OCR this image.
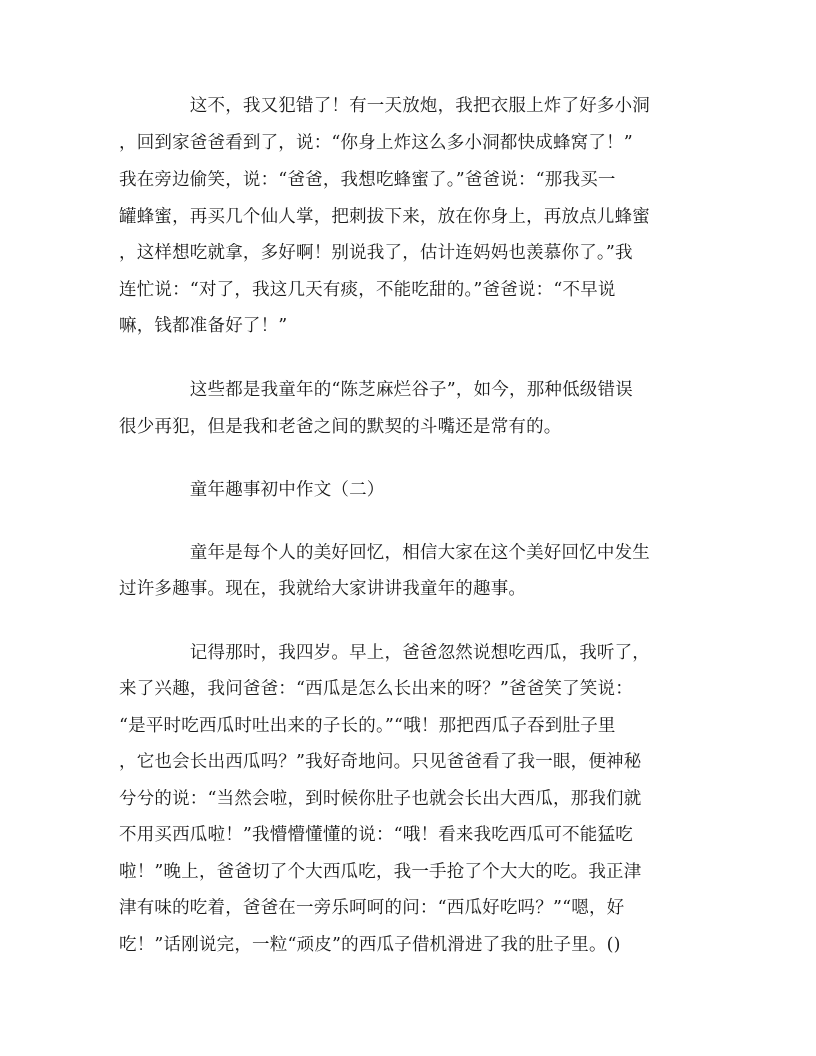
　　　　这不，我又犯错了！有一天放炮，我把衣服上炸了好多小洞
，回到家爸爸看到了，说：“你身上炸这么多小洞都快成蜂窝了！”
我在旁边偷笑，说：“爸爸，我想吃蜂蜜了。”爸爸说：“那我买一
罐蜂蜜，再买几个仙人掌，把刺拔下来，放在你身上，再放点儿蜂蜜
，这样想吃就拿，多好啊！别说我了，估计连妈妈也羡慕你了。”我
连忙说：“对了，我这几天有痰，不能吃甜的。”爸爸说：“不早说
嘛，钱都准备好了！”
　　　　这些都是我童年的“陈芝麻烂谷子”，如今，那种低级错误
很少再犯，但是我和老爸之间的默契的斗嘴还是常有的。
　　　　童年趣事初中作文（二）
　　　　童年是每个人的美好回忆，相信大家在这个美好回忆中发生
过许多趣事。现在，我就给大家讲讲我童年的趣事。
　　　　记得那时，我四岁。早上，爸爸忽然说想吃西瓜，我听了，
来了兴趣，我问爸爸：“西瓜是怎么长出来的呀？”爸爸笑了笑说：
“是平时吃西瓜时吐出来的子长的。”“哦！那把西瓜子吞到肚子里
，它也会长出西瓜吗？”我好奇地问。只见爸爸看了我一眼，便神秘
兮兮的说：“当然会啦，到时候你肚子也就会长出大西瓜，那我们就
不用买西瓜啦！”我懵懵懂懂的说：“哦！看来我吃西瓜可不能猛吃
啦！”晚上，爸爸切了个大西瓜吃，我一手抢了个大大的吃。我正津
津有味的吃着，爸爸在一旁乐呵呵的问：“西瓜好吃吗？”“嗯，好
吃！”话刚说完，一粒“顽皮”的西瓜子借机滑进了我的肚子里。()
